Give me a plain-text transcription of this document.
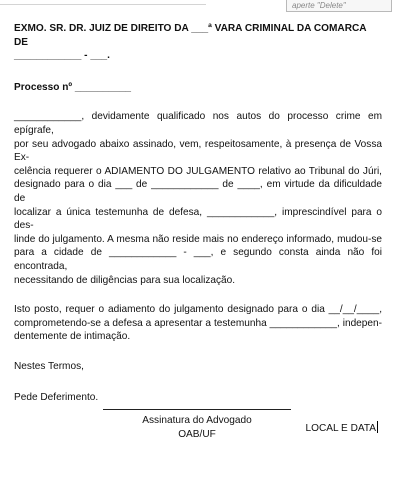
aperte "Delete"
EXMO. SR. DR. JUIZ DE DIREITO DA ___ª VARA CRIMINAL DA COMARCA DE
____________ - ___.
Processo nº __________
____________, devidamente qualificado nos autos do processo crime em epígrafe,
por seu advogado abaixo assinado, vem, respeitosamente, à presença de Vossa Ex-
celência requerer o ADIAMENTO DO JULGAMENTO relativo ao Tribunal do Júri,
designado para o dia ___ de ____________ de ____, em virtude da dificuldade de
localizar a única testemunha de defesa, ____________, imprescindível para o des-
linde do julgamento. A mesma não reside mais no endereço informado, mudou-se
para a cidade de ____________ - ___, e segundo consta ainda não foi encontrada,
necessitando de diligências para sua localização.
Isto posto, requer o adiamento do julgamento designado para o dia __/__/____,
comprometendo-se a defesa a apresentar a testemunha ____________, indepen-
dentemente de intimação.
Nestes Termos,
Pede Deferimento.
LOCAL E DATA
Assinatura do Advogado
OAB/UF
